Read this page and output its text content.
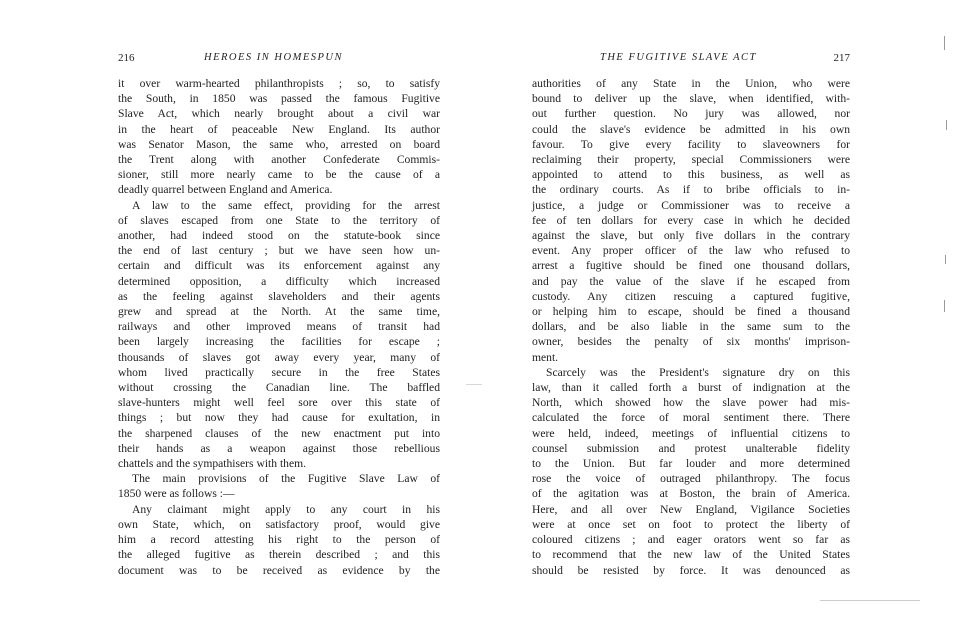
216	HEROES IN HOMESPUN

it over warm-hearted philanthropists ; so, to satisfy

the South, in 1850 was passed the famous Fugitive

Slave Act, which nearly brought about a civil war

in the heart of peaceable New England. Its author

was Senator Mason, the same who, arrested on board

the Trent along with another Confederate Commis-

sioner, still more nearly came to be the cause of a

deadly quarrel between England and America.

A law to the same effect, providing for the arrest

of slaves escaped from one State to the territory of

another, had indeed stood on the statute-book since

the end of last century ; but we have seen how un-

certain and difficult was its enforcement against any

determined opposition, a difficulty which increased

as the feeling against slaveholders and their agents

grew and spread at the North. At the same time,

railways and other improved means of transit had

been largely increasing the facilities for escape ;

thousands of slaves got away every year, many of

whom lived practically secure in the free States

without crossing the Canadian line. The baffled

slave-hunters might well feel sore over this state of

things ; but now they had cause for exultation, in

the sharpened clauses of the new enactment put into

their hands as a weapon against those rebellious

chattels and the sympathisers with them.

The main provisions of the Fugitive Slave Law of

1850 were as follows :—

Any claimant might apply to any court in his

own State, which, on satisfactory proof, would give

him a record attesting his right to the person of

the alleged fugitive as therein described ; and this

document was to be received as evidence by the

THE FUGITIVE SLAVE ACT	217

authorities of any State in the Union, who were

bound to deliver up the slave, when identified, with-

out further question. No jury was allowed, nor

could the slave's evidence be admitted in his own

favour. To give every facility to slaveowners for

reclaiming their property, special Commissioners were

appointed to attend to this business, as well as

the ordinary courts. As if to bribe officials to in-

justice, a judge or Commissioner was to receive a

fee of ten dollars for every case in which he decided

against the slave, but only five dollars in the contrary

event. Any proper officer of the law who refused to

arrest a fugitive should be fined one thousand dollars,

and pay the value of the slave if he escaped from

custody. Any citizen rescuing a captured fugitive,

or helping him to escape, should be fined a thousand

dollars, and be also liable in the same sum to the

owner, besides the penalty of six months' imprison-

ment.

Scarcely was the President's signature dry on this

law, than it called forth a burst of indignation at the

North, which showed how the slave power had mis-

calculated the force of moral sentiment there. There

were held, indeed, meetings of influential citizens to

counsel submission and protest unalterable fidelity

to the Union. But far louder and more determined

rose the voice of outraged philanthropy. The focus

of the agitation was at Boston, the brain of America.

Here, and all over New England, Vigilance Societies

were at once set on foot to protect the liberty of

coloured citizens ; and eager orators went so far as

to recommend that the new law of the United States

should be resisted by force. It was denounced as
